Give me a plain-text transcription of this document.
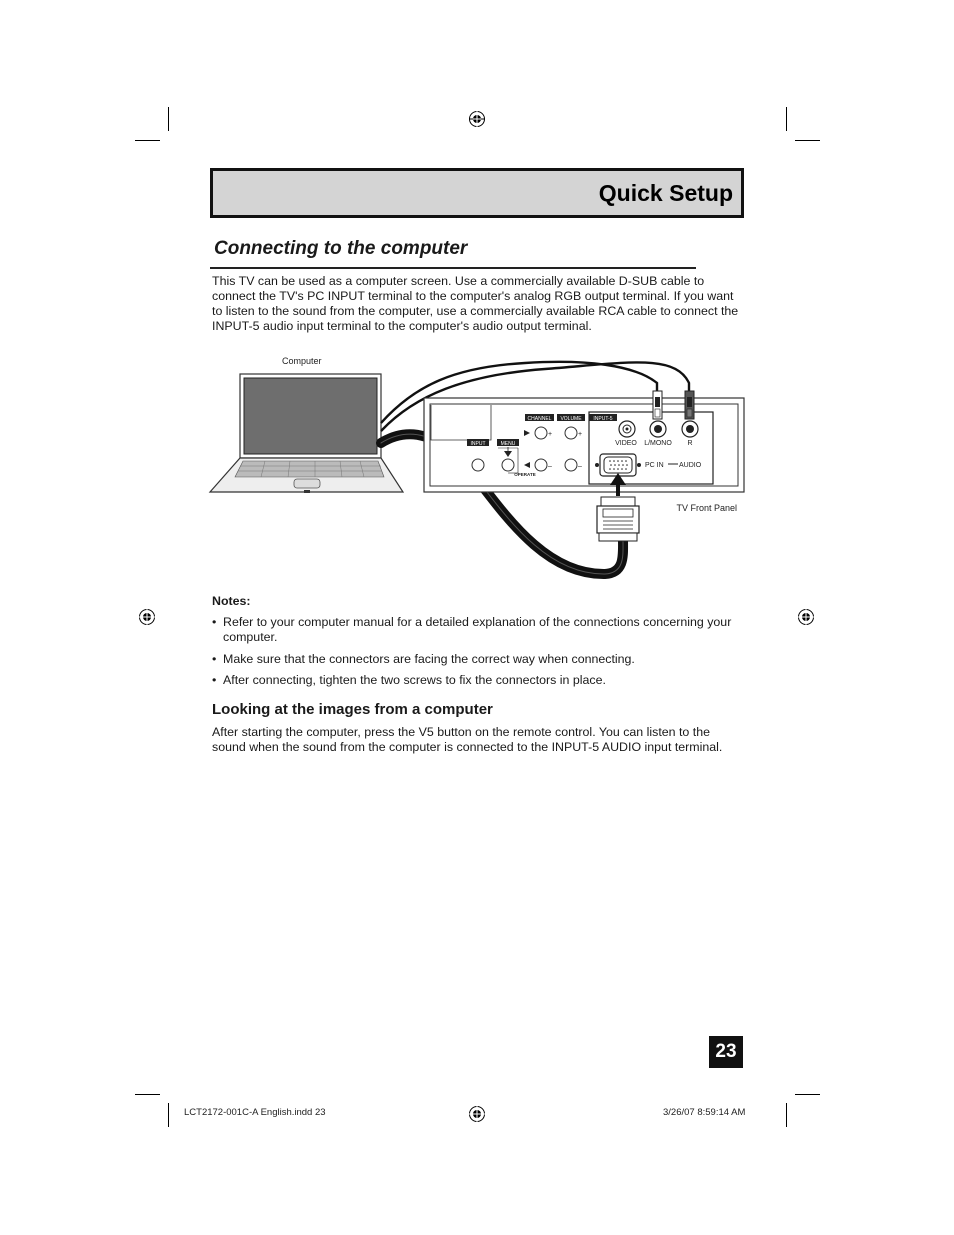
Quick Setup
Connecting to the computer
This TV can be used as a computer screen. Use a commercially available D-SUB cable to connect the TV's PC INPUT terminal to the computer's analog RGB output terminal. If you want to listen to the sound from the computer, use a commercially available RCA cable to connect the INPUT-5 audio input terminal to the computer's audio output terminal.
Computer
CHANNEL VOLUME INPUT-5
INPUT	MENU
+	+
–	–
OPERATE
VIDEO L/MONO R
PC IN AUDIO
TV Front Panel
Notes:
• Refer to your computer manual for a detailed explanation of the connections concerning your computer.
• Make sure that the connectors are facing the correct way when connecting.
• After connecting, tighten the two screws to fix the connectors in place.
Looking at the images from a computer
After starting the computer, press the V5 button on the remote control. You can listen to the sound when the sound from the computer is connected to the INPUT-5 AUDIO input terminal.
23
LCT2172-001C-A English.indd 23	3/26/07 8:59:14 AM
